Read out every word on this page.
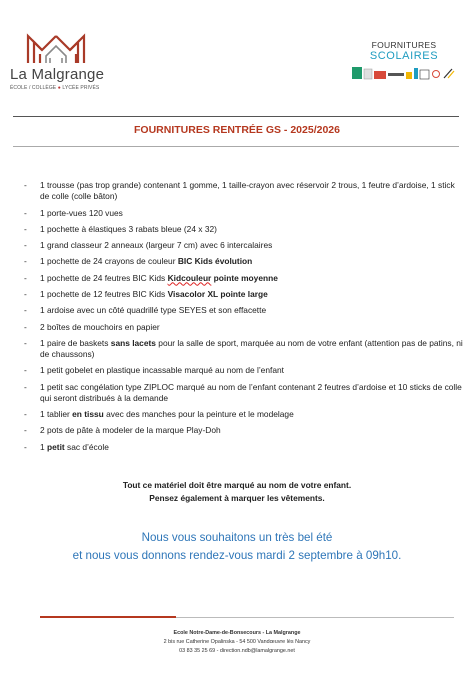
La Malgrange
ÉCOLE / COLLÈGE ● LYCÉE PRIVÉS
FOURNITURES
SCOLAIRES
FOURNITURES RENTRÉE GS - 2025/2026
- 1 trousse (pas trop grande) contenant 1 gomme, 1 taille-crayon avec réservoir 2 trous, 1 feutre d’ardoise, 1 stick de colle (colle bâton)
- 1 porte-vues 120 vues
- 1 pochette à élastiques 3 rabats bleue (24 x 32)
- 1 grand classeur 2 anneaux (largeur 7 cm) avec 6 intercalaires
- 1 pochette de 24 crayons de couleur BIC Kids évolution
- 1 pochette de 24 feutres BIC Kids Kidcouleur pointe moyenne
- 1 pochette de 12 feutres BIC Kids Visacolor XL pointe large
- 1 ardoise avec un côté quadrillé type SEYES et son effacette
- 2 boîtes de mouchoirs en papier
- 1 paire de baskets sans lacets pour la salle de sport, marquée au nom de votre enfant (attention pas de patins, ni de chaussons)
- 1 petit gobelet en plastique incassable marqué au nom de l’enfant
- 1 petit sac congélation type ZIPLOC marqué au nom de l’enfant contenant 2 feutres d’ardoise et 10 sticks de colle qui seront distribués à la demande
- 1 tablier en tissu avec des manches pour la peinture et le modelage
- 2 pots de pâte à modeler de la marque Play-Doh
- 1 petit sac d’école
Tout ce matériel doit être marqué au nom de votre enfant.
Pensez également à marquer les vêtements.
Nous vous souhaitons un très bel été
et nous vous donnons rendez-vous mardi 2 septembre à 09h10.
Ecole Notre-Dame-de-Bonsecours - La Malgrange
2 bis rue Catherine Opalinska - 54 500 Vandœuvre lès Nancy
03 83 35 25 69 - direction.ndb@lamalgrange.net
